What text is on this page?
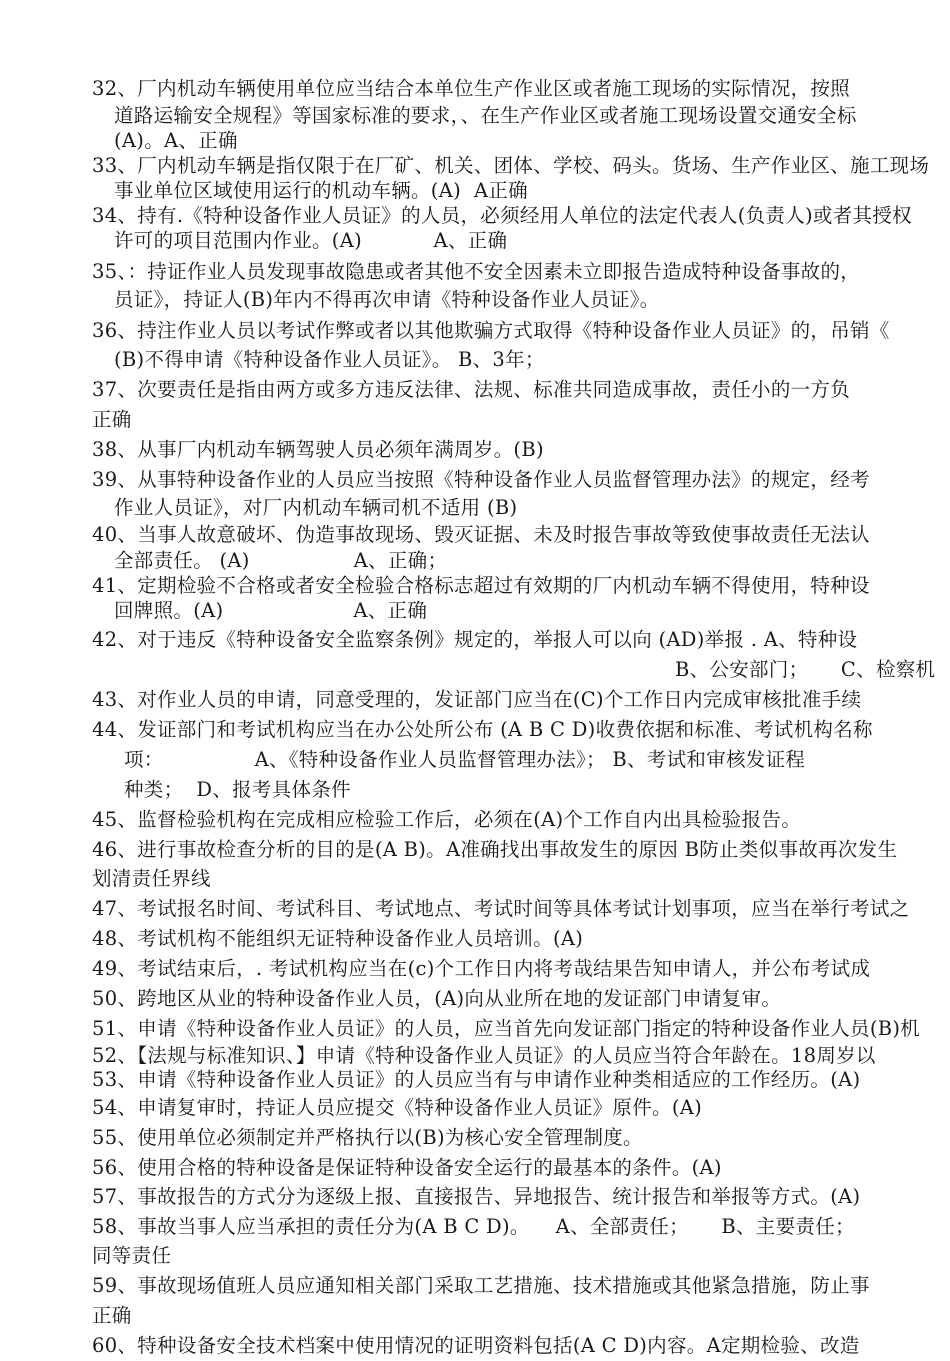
32、厂内机动车辆使用单位应当结合本单位生产作业区或者施工现场的实际情况，按照
道路运输安全规程》等国家标准的要求，、在生产作业区或者施工现场设置交通安全标
(A)。A、正确
33、厂内机动车辆是指仅限于在厂矿、机关、团体、学校、码头。货场、生产作业区、施工现场
事业单位区域使用运行的机动车辆。(A)  A正确
34、持有.《特种设备作业人员证》的人员，必须经用人单位的法定代表人(负责人)或者其授权
许可的项目范围内作业。(A)           A、正确
35、：持证作业人员发现事故隐患或者其他不安全因素未立即报告造成特种设备事故的，
员证》，持证人(B)年内不得再次申请《特种设备作业人员证》。
36、持注作业人员以考试作弊或者以其他欺骗方式取得《特种设备作业人员证》的，吊销《
(B)不得申请《特种设备作业人员证》。 B、3年；
37、次要责任是指由两方或多方违反法律、法规、标准共同造成事故，责任小的一方负
正确
38、从事厂内机动车辆驾驶人员必须年满周岁。(B)
39、从事特种设备作业的人员应当按照《特种设备作业人员监督管理办法》的规定，经考
作业人员证》，对厂内机动车辆司机不适用 (B)
40、当事人故意破坏、伪造事故现场、毁灭证据、未及时报告事故等致使事故责任无法认
全部责任。 (A)                A、正确；
41、定期检验不合格或者安全检验合格标志超过有效期的厂内机动车辆不得使用，特种设
回牌照。(A)                    A、正确
42、对于违反《特种设备安全监察条例》规定的，举报人可以向 (AD)举报 . A、特种设
B、公安部门；     C、检察机
43、对作业人员的申请，同意受理的，发证部门应当在(C)个工作日内完成审核批准手续
44、发证部门和考试机构应当在办公处所公布 (A B C D)收费依据和标准、考试机构名称
项：              A、《特种设备作业人员监督管理办法》； B、考试和审核发证程
种类；  D、报考具体条件
45、监督检验机构在完成相应检验工作后，必须在(A)个工作自内出具检验报告。
46、进行事故检查分析的目的是(A B)。A准确找出事故发生的原因 B防止类似事故再次发生
划清责任界线
47、考试报名时间、考试科目、考试地点、考试时间等具体考试计划事项，应当在举行考试之
48、考试机构不能组织无证特种设备作业人员培训。(A)
49、考试结束后，. 考试机构应当在(c)个工作日内将考哉结果告知申请人，并公布考试成
50、跨地区从业的特种设备作业人员，(A)向从业所在地的发证部门申请复审。
51、申请《特种设备作业人员证》的人员，应当首先向发证部门指定的特种设备作业人员(B)机
52、【法规与标准知识、】申请《特种设备作业人员证》的人员应当符合年龄在。18周岁以
53、申请《特种设备作业人员证》的人员应当有与申请作业种类相适应的工作经历。(A)
54、申请复审时，持证人员应提交《特种设备作业人员证》原件。(A)
55、使用单位必须制定并严格执行以(B)为核心安全管理制度。
56、使用合格的特种设备是保证特种设备安全运行的最基本的条件。(A)
57、事故报告的方式分为逐级上报、直接报告、异地报告、统计报告和举报等方式。(A)
58、事故当事人应当承担的责任分为(A B C D)。    A、全部责任；     B、主要责任；
同等责任
59、事故现场值班人员应通知相关部门采取工艺措施、技术措施或其他紧急措施，防止事
正确
60、特种设备安全技术档案中使用情况的证明资料包括(A C D)内容。A定期检验、改造
